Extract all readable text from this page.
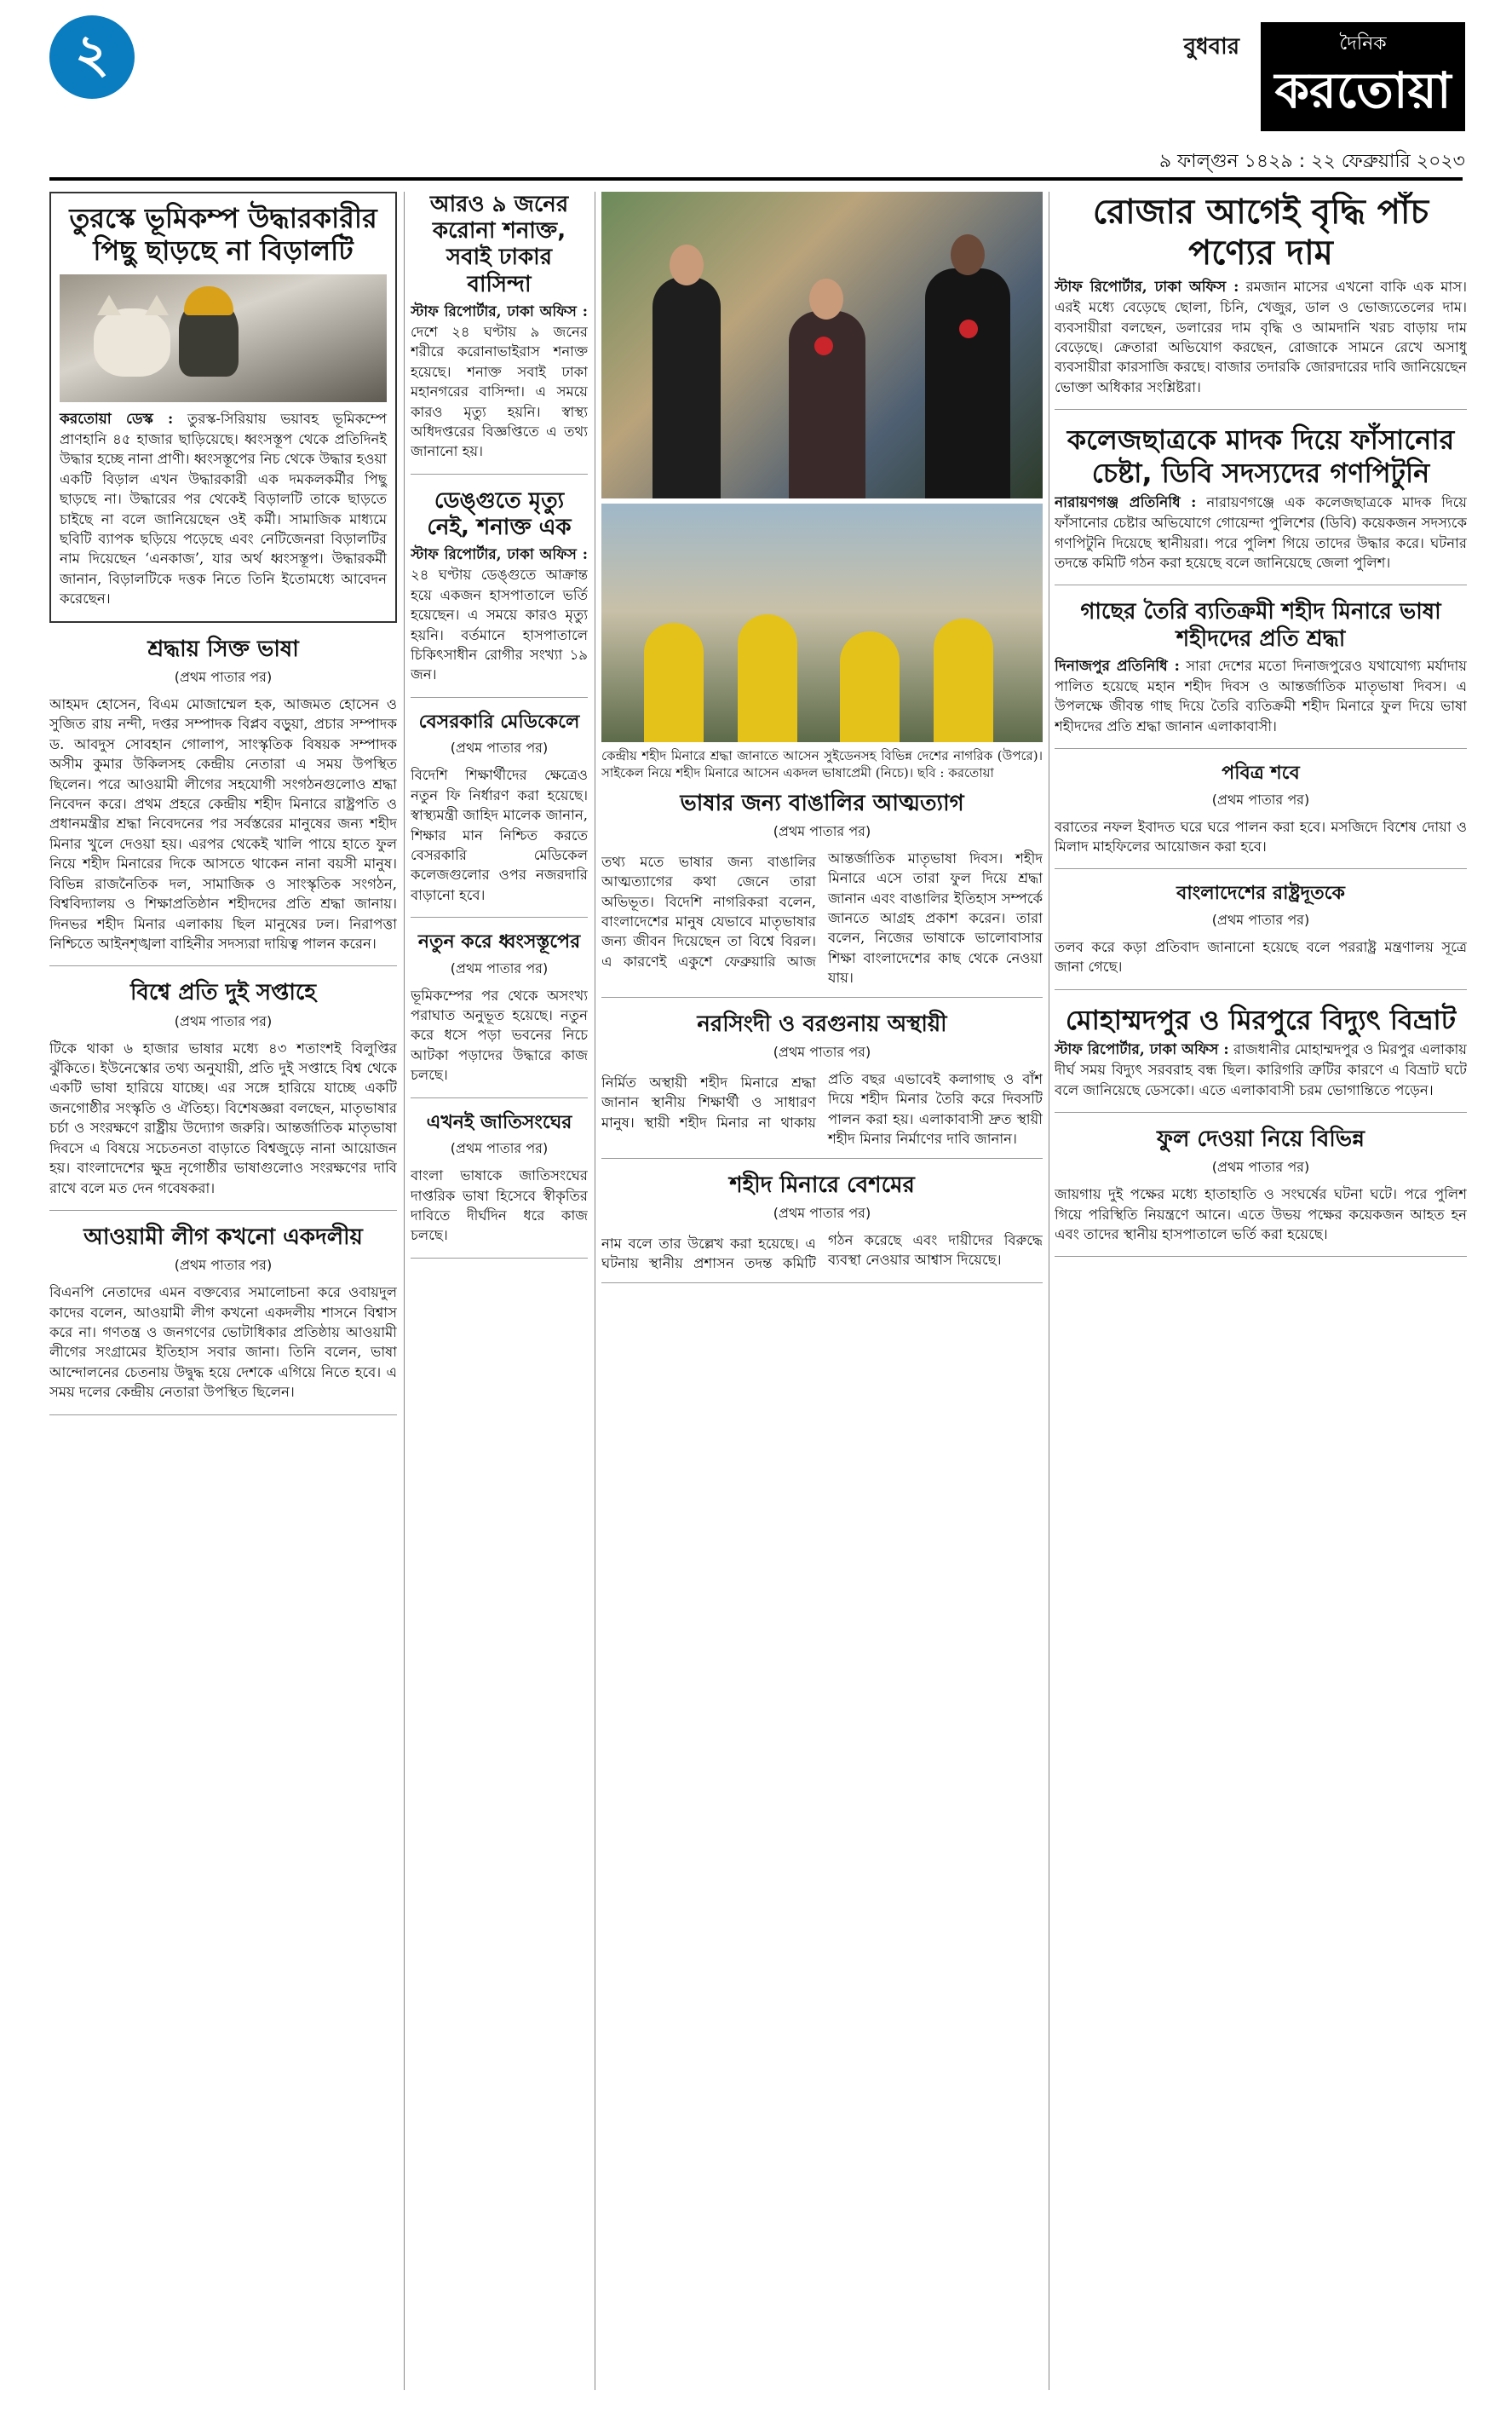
২	বুধবার	দৈনিক
করতোয়া
৯ ফাল্গুন ১৪২৯ : ২২ ফেব্রুয়ারি ২০২৩
তুরস্কে ভূমিকম্প উদ্ধারকারীর পিছু ছাড়ছে না বিড়ালটি

করতোয়া ডেস্ক : তুরস্ক-সিরিয়ায় ভয়াবহ ভূমিকম্পে প্রাণহানি ৪৫ হাজার ছাড়িয়েছে। ধ্বংসস্তূপ থেকে প্রতিদিনই উদ্ধার হচ্ছে নানা প্রাণী। ধ্বংসস্তূপের নিচ থেকে উদ্ধার হওয়া একটি বিড়াল এখন উদ্ধারকারী এক দমকলকর্মীর পিছু ছাড়ছে না। উদ্ধারের পর থেকেই বিড়ালটি তাকে ছাড়তে চাইছে না বলে জানিয়েছেন ওই কর্মী। সামাজিক মাধ্যমে ছবিটি ব্যাপক ছড়িয়ে পড়েছে এবং নেটিজেনরা বিড়ালটির নাম দিয়েছেন ‘এনকাজ’, যার অর্থ ধ্বংসস্তূপ। উদ্ধারকর্মী জানান, বিড়ালটিকে দত্তক নিতে তিনি ইতোমধ্যে আবেদন করেছেন।

শ্রদ্ধায় সিক্ত ভাষা
(প্রথম পাতার পর)

আহমদ হোসেন, বিএম মোজাম্মেল হক, আজমত হোসেন ও সুজিত রায় নন্দী, দপ্তর সম্পাদক বিপ্লব বড়ুয়া, প্রচার সম্পাদক ড. আবদুস সোবহান গোলাপ, সাংস্কৃতিক বিষয়ক সম্পাদক অসীম কুমার উকিলসহ কেন্দ্রীয় নেতারা এ সময় উপস্থিত ছিলেন। পরে আওয়ামী লীগের সহযোগী সংগঠনগুলোও শ্রদ্ধা নিবেদন করে। প্রথম প্রহরে কেন্দ্রীয় শহীদ মিনারে রাষ্ট্রপতি ও প্রধানমন্ত্রীর শ্রদ্ধা নিবেদনের পর সর্বস্তরের মানুষের জন্য শহীদ মিনার খুলে দেওয়া হয়। এরপর থেকেই খালি পায়ে হাতে ফুল নিয়ে শহীদ মিনারের দিকে আসতে থাকেন নানা বয়সী মানুষ। বিভিন্ন রাজনৈতিক দল, সামাজিক ও সাংস্কৃতিক সংগঠন, বিশ্ববিদ্যালয় ও শিক্ষাপ্রতিষ্ঠান শহীদদের প্রতি শ্রদ্ধা জানায়। দিনভর শহীদ মিনার এলাকায় ছিল মানুষের ঢল। নিরাপত্তা নিশ্চিতে আইনশৃঙ্খলা বাহিনীর সদস্যরা দায়িত্ব পালন করেন।

বিশ্বে প্রতি দুই সপ্তাহে
(প্রথম পাতার পর)

টিকে থাকা ৬ হাজার ভাষার মধ্যে ৪৩ শতাংশই বিলুপ্তির ঝুঁকিতে। ইউনেস্কোর তথ্য অনুযায়ী, প্রতি দুই সপ্তাহে বিশ্ব থেকে একটি ভাষা হারিয়ে যাচ্ছে। এর সঙ্গে হারিয়ে যাচ্ছে একটি জনগোষ্ঠীর সংস্কৃতি ও ঐতিহ্য। বিশেষজ্ঞরা বলছেন, মাতৃভাষার চর্চা ও সংরক্ষণে রাষ্ট্রীয় উদ্যোগ জরুরি। আন্তর্জাতিক মাতৃভাষা দিবসে এ বিষয়ে সচেতনতা বাড়াতে বিশ্বজুড়ে নানা আয়োজন হয়। বাংলাদেশের ক্ষুদ্র নৃগোষ্ঠীর ভাষাগুলোও সংরক্ষণের দাবি রাখে বলে মত দেন গবেষকরা।

আওয়ামী লীগ কখনো একদলীয়
(প্রথম পাতার পর)

বিএনপি নেতাদের এমন বক্তব্যের সমালোচনা করে ওবায়দুল কাদের বলেন, আওয়ামী লীগ কখনো একদলীয় শাসনে বিশ্বাস করে না। গণতন্ত্র ও জনগণের ভোটাধিকার প্রতিষ্ঠায় আওয়ামী লীগের সংগ্রামের ইতিহাস সবার জানা। তিনি বলেন, ভাষা আন্দোলনের চেতনায় উদ্বুদ্ধ হয়ে দেশকে এগিয়ে নিতে হবে। এ সময় দলের কেন্দ্রীয় নেতারা উপস্থিত ছিলেন।

আরও ৯ জনের করোনা শনাক্ত, সবাই ঢাকার বাসিন্দা

স্টাফ রিপোর্টার, ঢাকা অফিস : দেশে ২৪ ঘণ্টায় ৯ জনের শরীরে করোনাভাইরাস শনাক্ত হয়েছে। শনাক্ত সবাই ঢাকা মহানগরের বাসিন্দা। এ সময়ে কারও মৃত্যু হয়নি। স্বাস্থ্য অধিদপ্তরের বিজ্ঞপ্তিতে এ তথ্য জানানো হয়।

ডেঙ্গুতে মৃত্যু নেই, শনাক্ত এক

স্টাফ রিপোর্টার, ঢাকা অফিস : ২৪ ঘণ্টায় ডেঙ্গুতে আক্রান্ত হয়ে একজন হাসপাতালে ভর্তি হয়েছেন। এ সময়ে কারও মৃত্যু হয়নি। বর্তমানে হাসপাতালে চিকিৎসাধীন রোগীর সংখ্যা ১৯ জন।

বেসরকারি মেডিকেলে
(প্রথম পাতার পর)

বিদেশি শিক্ষার্থীদের ক্ষেত্রেও নতুন ফি নির্ধারণ করা হয়েছে। স্বাস্থ্যমন্ত্রী জাহিদ মালেক জানান, শিক্ষার মান নিশ্চিত করতে বেসরকারি মেডিকেল কলেজগুলোর ওপর নজরদারি বাড়ানো হবে।

নতুন করে ধ্বংসস্তূপের
(প্রথম পাতার পর)

ভূমিকম্পের পর থেকে অসংখ্য পরাঘাত অনুভূত হয়েছে। নতুন করে ধসে পড়া ভবনের নিচে আটকা পড়াদের উদ্ধারে কাজ চলছে।

এখনই জাতিসংঘের
(প্রথম পাতার পর)

বাংলা ভাষাকে জাতিসংঘের দাপ্তরিক ভাষা হিসেবে স্বীকৃতির দাবিতে দীর্ঘদিন ধরে কাজ চলছে।

কেন্দ্রীয় শহীদ মিনারে শ্রদ্ধা জানাতে আসেন সুইডেনসহ বিভিন্ন দেশের নাগরিক (উপরে)। সাইকেল নিয়ে শহীদ মিনারে আসেন একদল ভাষাপ্রেমী (নিচে)। ছবি : করতোয়া
ভাষার জন্য বাঙালির আত্মত্যাগ
(প্রথম পাতার পর)

তথ্য মতে ভাষার জন্য বাঙালির আত্মত্যাগের কথা জেনে তারা অভিভূত। বিদেশি নাগরিকরা বলেন, বাংলাদেশের মানুষ যেভাবে মাতৃভাষার জন্য জীবন দিয়েছেন তা বিশ্বে বিরল। এ কারণেই একুশে ফেব্রুয়ারি আজ আন্তর্জাতিক মাতৃভাষা দিবস। শহীদ মিনারে এসে তারা ফুল দিয়ে শ্রদ্ধা জানান এবং বাঙালির ইতিহাস সম্পর্কে জানতে আগ্রহ প্রকাশ করেন। তারা বলেন, নিজের ভাষাকে ভালোবাসার শিক্ষা বাংলাদেশের কাছ থেকে নেওয়া যায়।

নরসিংদী ও বরগুনায় অস্থায়ী
(প্রথম পাতার পর)

নির্মিত অস্থায়ী শহীদ মিনারে শ্রদ্ধা জানান স্থানীয় শিক্ষার্থী ও সাধারণ মানুষ। স্থায়ী শহীদ মিনার না থাকায় প্রতি বছর এভাবেই কলাগাছ ও বাঁশ দিয়ে শহীদ মিনার তৈরি করে দিবসটি পালন করা হয়। এলাকাবাসী দ্রুত স্থায়ী শহীদ মিনার নির্মাণের দাবি জানান।

শহীদ মিনারে বেশমের
(প্রথম পাতার পর)

নাম বলে তার উল্লেখ করা হয়েছে। এ ঘটনায় স্থানীয় প্রশাসন তদন্ত কমিটি গঠন করেছে এবং দায়ীদের বিরুদ্ধে ব্যবস্থা নেওয়ার আশ্বাস দিয়েছে।

রোজার আগেই বৃদ্ধি পাঁচ পণ্যের দাম

স্টাফ রিপোর্টার, ঢাকা অফিস : রমজান মাসের এখনো বাকি এক মাস। এরই মধ্যে বেড়েছে ছোলা, চিনি, খেজুর, ডাল ও ভোজ্যতেলের দাম। ব্যবসায়ীরা বলছেন, ডলারের দাম বৃদ্ধি ও আমদানি খরচ বাড়ায় দাম বেড়েছে। ক্রেতারা অভিযোগ করছেন, রোজাকে সামনে রেখে অসাধু ব্যবসায়ীরা কারসাজি করছে। বাজার তদারকি জোরদারের দাবি জানিয়েছেন ভোক্তা অধিকার সংশ্লিষ্টরা।

কলেজছাত্রকে মাদক দিয়ে ফাঁসানোর চেষ্টা, ডিবি সদস্যদের গণপিটুনি

নারায়ণগঞ্জ প্রতিনিধি : নারায়ণগঞ্জে এক কলেজছাত্রকে মাদক দিয়ে ফাঁসানোর চেষ্টার অভিযোগে গোয়েন্দা পুলিশের (ডিবি) কয়েকজন সদস্যকে গণপিটুনি দিয়েছে স্থানীয়রা। পরে পুলিশ গিয়ে তাদের উদ্ধার করে। ঘটনার তদন্তে কমিটি গঠন করা হয়েছে বলে জানিয়েছে জেলা পুলিশ।

গাছের তৈরি ব্যতিক্রমী শহীদ মিনারে ভাষা শহীদদের প্রতি শ্রদ্ধা

দিনাজপুর প্রতিনিধি : সারা দেশের মতো দিনাজপুরেও যথাযোগ্য মর্যাদায় পালিত হয়েছে মহান শহীদ দিবস ও আন্তর্জাতিক মাতৃভাষা দিবস। এ উপলক্ষে জীবন্ত গাছ দিয়ে তৈরি ব্যতিক্রমী শহীদ মিনারে ফুল দিয়ে ভাষা শহীদদের প্রতি শ্রদ্ধা জানান এলাকাবাসী।

পবিত্র শবে
(প্রথম পাতার পর)

বরাতের নফল ইবাদত ঘরে ঘরে পালন করা হবে। মসজিদে বিশেষ দোয়া ও মিলাদ মাহফিলের আয়োজন করা হবে।

বাংলাদেশের রাষ্ট্রদূতকে
(প্রথম পাতার পর)

তলব করে কড়া প্রতিবাদ জানানো হয়েছে বলে পররাষ্ট্র মন্ত্রণালয় সূত্রে জানা গেছে।

মোহাম্মদপুর ও মিরপুরে বিদ্যুৎ বিভ্রাট

স্টাফ রিপোর্টার, ঢাকা অফিস : রাজধানীর মোহাম্মদপুর ও মিরপুর এলাকায় দীর্ঘ সময় বিদ্যুৎ সরবরাহ বন্ধ ছিল। কারিগরি ত্রুটির কারণে এ বিভ্রাট ঘটে বলে জানিয়েছে ডেসকো। এতে এলাকাবাসী চরম ভোগান্তিতে পড়েন।

ফুল দেওয়া নিয়ে বিভিন্ন
(প্রথম পাতার পর)

জায়গায় দুই পক্ষের মধ্যে হাতাহাতি ও সংঘর্ষের ঘটনা ঘটে। পরে পুলিশ গিয়ে পরিস্থিতি নিয়ন্ত্রণে আনে। এতে উভয় পক্ষের কয়েকজন আহত হন এবং তাদের স্থানীয় হাসপাতালে ভর্তি করা হয়েছে।
